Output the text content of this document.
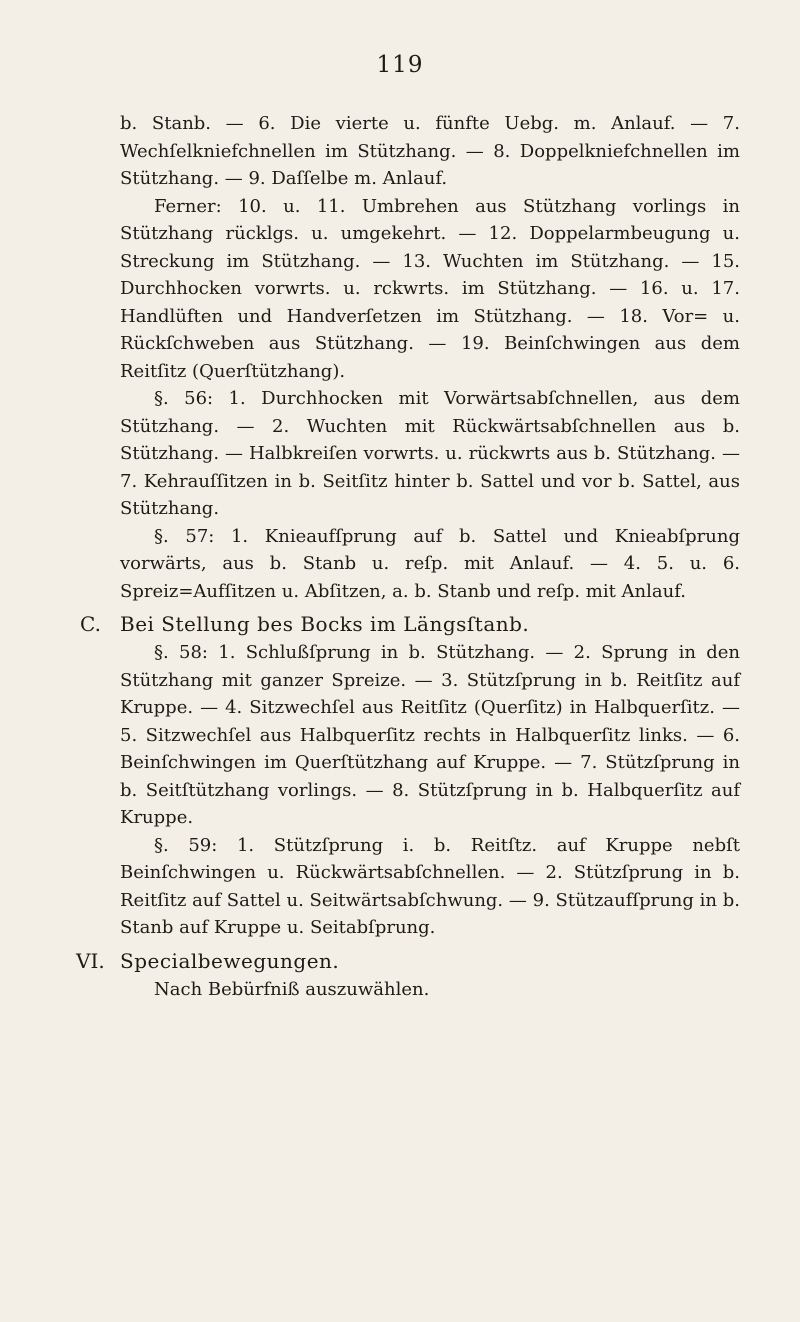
119

b. Stanb. — 6. Die vierte u. fünfte Uebg. m. Anlauf. — 7. Wechſelkniefchnellen im Stützhang. — 8. Doppelkniefchnellen im Stützhang. — 9. Daſſelbe m. Anlauf.

Ferner: 10. u. 11. Umbrehen aus Stützhang vorlings in Stützhang rücklgs. u. umgekehrt. — 12. Doppelarmbeugung u. Streckung im Stützhang. — 13. Wuchten im Stützhang. — 15. Durchhocken vorwrts. u. rckwrts. im Stützhang. — 16. u. 17. Handlüften und Handverſetzen im Stützhang. — 18. Vor= u. Rückſchweben aus Stützhang. — 19. Beinſchwingen aus dem Reitſitz (Querſtützhang).

§. 56: 1. Durchhocken mit Vorwärtsabſchnellen, aus dem Stützhang. — 2. Wuchten mit Rückwärtsabſchnellen aus b. Stützhang. — Halbkreiſen vorwrts. u. rückwrts aus b. Stützhang. — 7. Kehrauſſitzen in b. Seitſitz hinter b. Sattel und vor b. Sattel, aus Stützhang.

§. 57: 1. Knieaufſprung auf b. Sattel und Knieabſprung vorwärts, aus b. Stanb u. reſp. mit Anlauf. — 4. 5. u. 6. Spreiz=Aufſitzen u. Abſitzen, a. b. Stanb und reſp. mit Anlauf.

C. Bei Stellung bes Bocks im Längsſtanb.

§. 58: 1. Schlußſprung in b. Stützhang. — 2. Sprung in den Stützhang mit ganzer Spreize. — 3. Stützſprung in b. Reitſitz auf Kruppe. — 4. Sitzwechſel aus Reitſitz (Querſitz) in Halbquerſitz. — 5. Sitzwechſel aus Halbquerſitz rechts in Halbquerſitz links. — 6. Beinſchwingen im Querſtützhang auf Kruppe. — 7. Stützſprung in b. Seitſtützhang vorlings. — 8. Stützſprung in b. Halbquerſitz auf Kruppe.

§. 59: 1. Stützſprung i. b. Reitſtz. auf Kruppe nebſt Beinſchwingen u. Rückwärtsabſchnellen. — 2. Stützſprung in b. Reitſitz auf Sattel u. Seitwärtsabſchwung. — 9. Stützaufſprung in b. Stanb auf Kruppe u. Seitabſprung.

VI. Specialbewegungen.

Nach Bebürfniß auszuwählen.
